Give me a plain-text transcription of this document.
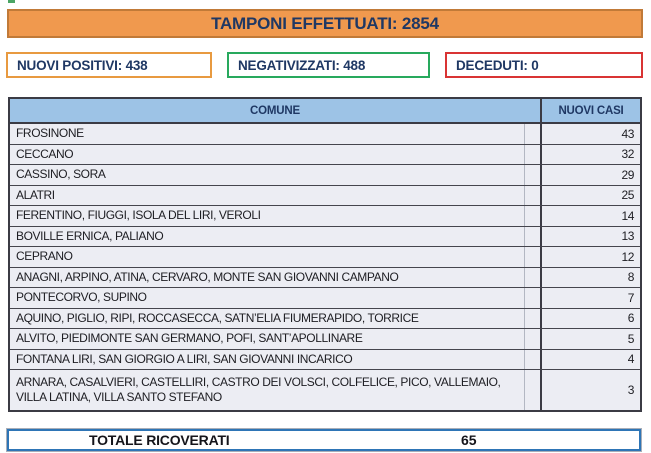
TAMPONI EFFETTUATI: 2854
NUOVI POSITIVI: 438	NEGATIVIZZATI: 488	DECEDUTI: 0
COMUNE	NUOVI CASI
FROSINONE	43
CECCANO	32
CASSINO, SORA	29
ALATRI	25
FERENTINO, FIUGGI, ISOLA DEL LIRI, VEROLI	14
BOVILLE ERNICA, PALIANO	13
CEPRANO	12
ANAGNI, ARPINO, ATINA, CERVARO, MONTE SAN GIOVANNI CAMPANO	8
PONTECORVO, SUPINO	7
AQUINO, PIGLIO, RIPI, ROCCASECCA, SATN’ELIA FIUMERAPIDO, TORRICE	6
ALVITO, PIEDIMONTE SAN GERMANO, POFI, SANT’APOLLINARE	5
FONTANA LIRI, SAN GIORGIO A LIRI, SAN GIOVANNI INCARICO	4
ARNARA, CASALVIERI, CASTELLIRI, CASTRO DEI VOLSCI, COLFELICE, PICO, VALLEMAIO, VILLA LATINA, VILLA SANTO STEFANO	3
TOTALE RICOVERATI	65
